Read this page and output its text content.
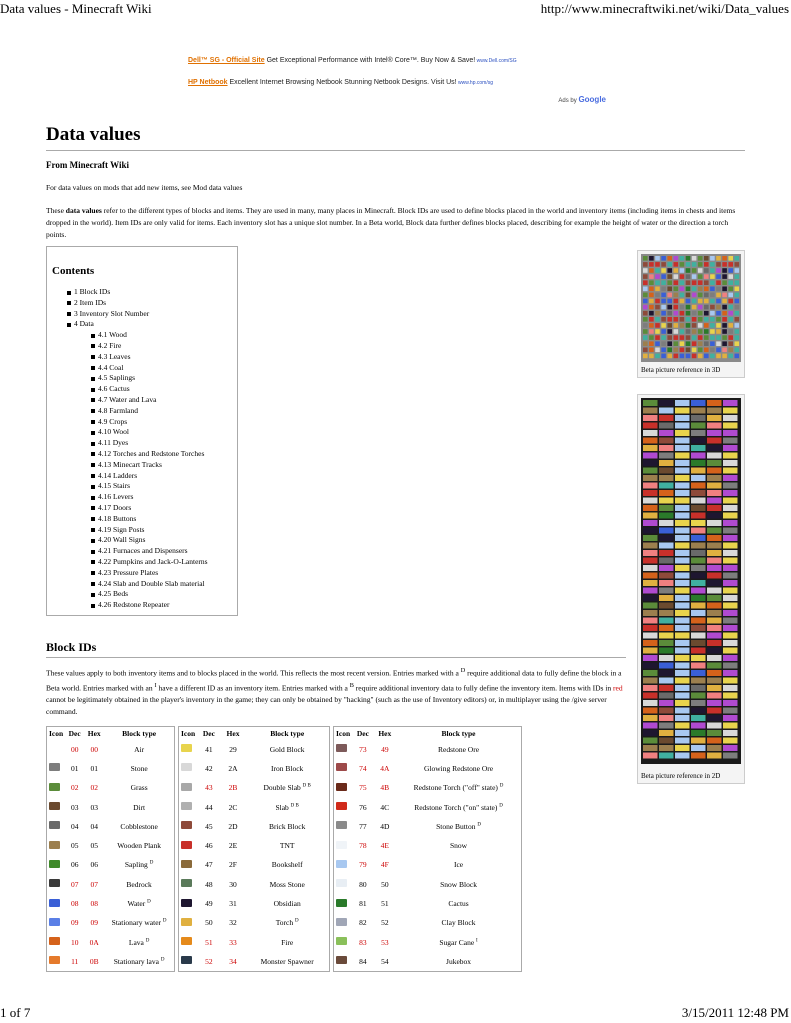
Data values - Minecraft Wiki	http://www.minecraftwiki.net/wiki/Data_values
Dell™ SG - Official Site Get Exceptional Performance with Intel® Core™. Buy Now & Save! www.Dell.com/SG
HP Netbook Excellent Internet Browsing Netbook Stunning Netbook Designs. Visit Us! www.hp.com/sg
Ads by Google
Data values
From Minecraft Wiki
For data values on mods that add new items, see Mod data values
These data values refer to the different types of blocks and items. They are used in many, many places in Minecraft. Block IDs are used to define blocks placed in the world and inventory items (including items in chests and items dropped in the world). Item IDs are only valid for items. Each inventory slot has a unique slot number. In a Beta world, Block data further defines blocks placed, describing for example the height of water or the direction a torch points.
Contents
1 Block IDs
2 Item IDs
3 Inventory Slot Number
4 Data
4.1 Wood
4.2 Fire
4.3 Leaves
4.4 Coal
4.5 Saplings
4.6 Cactus
4.7 Water and Lava
4.8 Farmland
4.9 Crops
4.10 Wool
4.11 Dyes
4.12 Torches and Redstone Torches
4.13 Minecart Tracks
4.14 Ladders
4.15 Stairs
4.16 Levers
4.17 Doors
4.18 Buttons
4.19 Sign Posts
4.20 Wall Signs
4.21 Furnaces and Dispensers
4.22 Pumpkins and Jack-O-Lanterns
4.23 Pressure Plates
4.24 Slab and Double Slab material
4.25 Beds
4.26 Redstone Repeater
Beta picture reference in 3D
Beta picture reference in 2D
Block IDs
These values apply to both inventory items and to blocks placed in the world. This reflects the most recent version. Entries marked with a $^D$ require additional data to fully define the block in a Beta world. Entries marked with an $^I$ have a different ID as an inventory item. Entries marked with a $^B$ require additional inventory data to fully define the inventory item. Items with IDs in red cannot be legitimately obtained in the player's inventory in the game; they can only be obtained by "hacking" (such as the use of Inventory editors) or, in multiplayer using the /give server command.
Icon	Dec	Hex	Block type
	00	00	Air
	01	01	Stone
	02	02	Grass
	03	03	Dirt
	04	04	Cobblestone
	05	05	Wooden Plank
	06	06	Sapling $^D$
	07	07	Bedrock
	08	08	Water $^D$
	09	09	Stationary water $^D$
	10	0A	Lava $^D$
	11	0B	Stationary lava $^D$
Icon	Dec	Hex	Block type
	41	29	Gold Block
	42	2A	Iron Block
	43	2B	Double Slab $^{D B}$
	44	2C	Slab $^{D B}$
	45	2D	Brick Block
	46	2E	TNT
	47	2F	Bookshelf
	48	30	Moss Stone
	49	31	Obsidian
	50	32	Torch $^D$
	51	33	Fire
	52	34	Monster Spawner
Icon	Dec	Hex	Block type
	73	49	Redstone Ore
	74	4A	Glowing Redstone Ore
	75	4B	Redstone Torch ("off" state) $^D$
	76	4C	Redstone Torch ("on" state) $^D$
	77	4D	Stone Button $^D$
	78	4E	Snow
	79	4F	Ice
	80	50	Snow Block
	81	51	Cactus
	82	52	Clay Block
	83	53	Sugar Cane $^I$
	84	54	Jukebox
1 of 7	3/15/2011 12:48 PM
